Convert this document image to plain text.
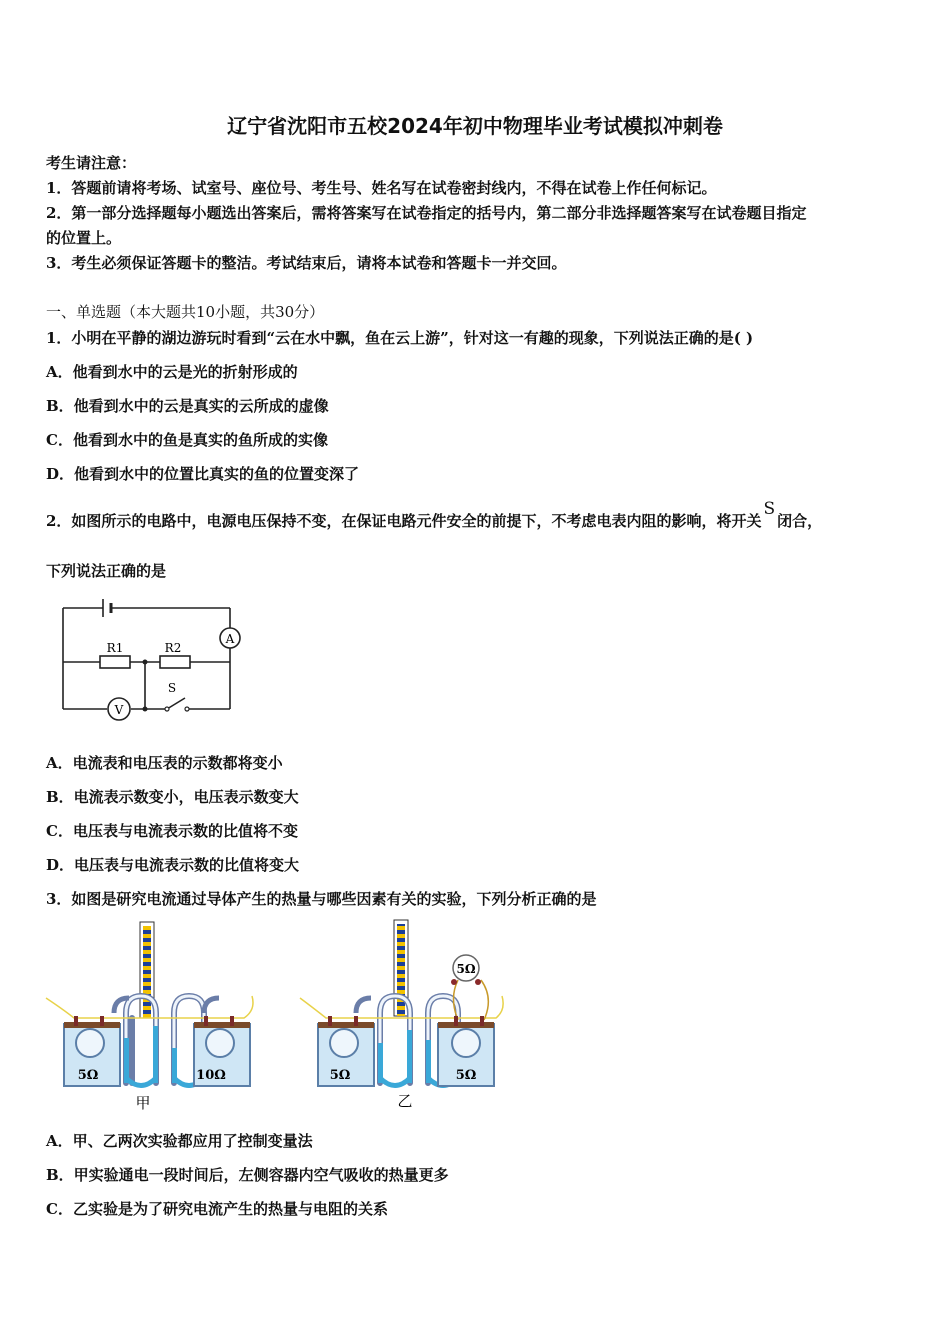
辽宁省沈阳市五校2024年初中物理毕业考试模拟冲刺卷
考生请注意：
1．答题前请将考场、试室号、座位号、考生号、姓名写在试卷密封线内，不得在试卷上作任何标记。
2．第一部分选择题每小题选出答案后，需将答案写在试卷指定的括号内，第二部分非选择题答案写在试卷题目指定
的位置上。
3．考生必须保证答题卡的整洁。考试结束后，请将本试卷和答题卡一并交回。
一、单选题（本大题共10小题，共30分）
1．小明在平静的湖边游玩时看到“云在水中飘，鱼在云上游”，针对这一有趣的现象，下列说法正确的是( )
A．他看到水中的云是光的折射形成的
B．他看到水中的云是真实的云所成的虚像
C．他看到水中的鱼是真实的鱼所成的实像
D．他看到水中的位置比真实的鱼的位置变深了
2．如图所示的电路中，电源电压保持不变，在保证电路元件安全的前提下，不考虑电表内阻的影响，将开关S闭合，
下列说法正确的是
A
V
R1	R2
S
A．电流表和电压表的示数都将变小
B．电流表示数变小，电压表示数变大
C．电压表与电流表示数的比值将不变
D．电压表与电流表示数的比值将变大
3．如图是研究电流通过导体产生的热量与哪些因素有关的实验，下列分析正确的是
5Ω	10Ω
甲
5Ω
5Ω	5Ω
乙
A．甲、乙两次实验都应用了控制变量法
B．甲实验通电一段时间后，左侧容器内空气吸收的热量更多
C．乙实验是为了研究电流产生的热量与电阻的关系
